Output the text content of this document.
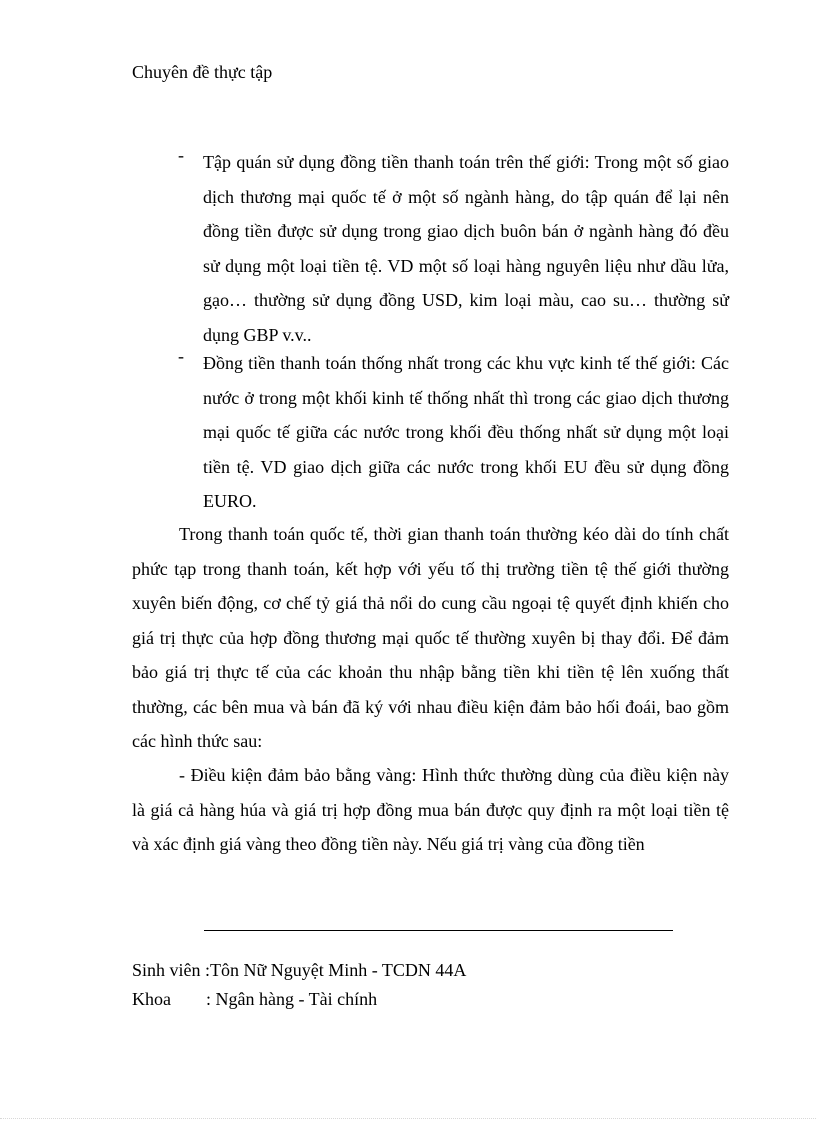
Chuyên đề thực tập
- Tập quán sử dụng đồng tiền thanh toán trên thế giới: Trong một số giao dịch thương mại quốc tế ở một số ngành hàng, do tập quán để lại nên đồng tiền được sử dụng trong giao dịch buôn bán ở ngành hàng đó đều sử dụng một loại tiền tệ. VD một số loại hàng nguyên liệu như dầu lửa, gạo… thường sử dụng đồng USD, kim loại màu, cao su… thường sử dụng GBP v.v..
- Đồng tiền thanh toán thống nhất trong các khu vực kinh tế thế giới: Các nước ở trong một khối kinh tế thống nhất thì trong các giao dịch thương mại quốc tế giữa các nước trong khối đều thống nhất sử dụng một loại tiền tệ. VD giao dịch giữa các nước trong khối EU đều sử dụng đồng EURO.
Trong thanh toán quốc tế, thời gian thanh toán thường kéo dài do tính chất phức tạp trong thanh toán, kết hợp với yếu tố thị trường tiền tệ thế giới thường xuyên biến động, cơ chế tỷ giá thả nổi do cung cầu ngoại tệ quyết định khiến cho giá trị thực của hợp đồng thương mại quốc tế thường xuyên bị thay đổi. Để đảm bảo giá trị thực tế của các khoản thu nhập bằng tiền khi tiền tệ lên xuống thất thường, các bên mua và bán đã ký với nhau điều kiện đảm bảo hối đoái, bao gồm các hình thức sau:
- Điều kiện đảm bảo bằng vàng: Hình thức thường dùng của điều kiện này là giá cả hàng húa và giá trị hợp đồng mua bán được quy định ra một loại tiền tệ và xác định giá vàng theo đồng tiền này. Nếu giá trị vàng của đồng tiền
Sinh viên :Tôn Nữ Nguyệt Minh - TCDN 44A
Khoa : Ngân hàng - Tài chính
